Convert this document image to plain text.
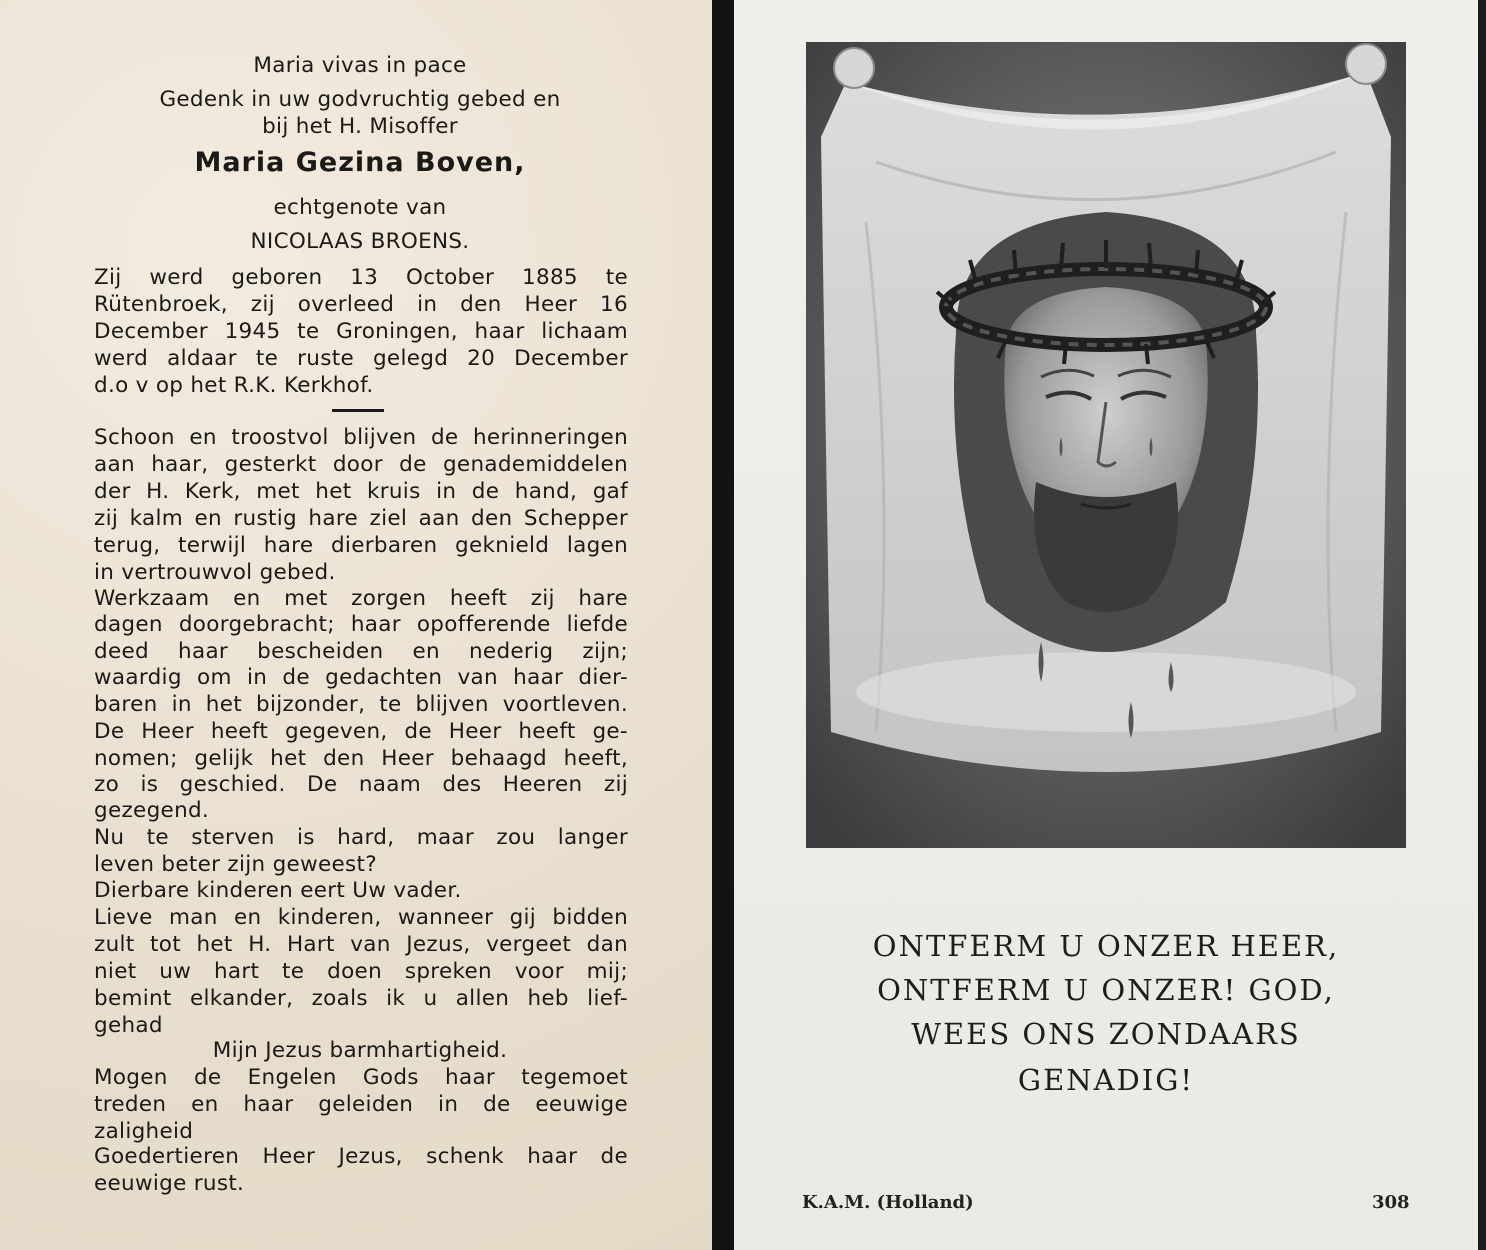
Maria vivas in pace
Gedenk in uw godvruchtig gebed en
bij het H. Misoffer
Maria Gezina Boven,
echtgenote van
NICOLAAS BROENS.
Zij werd geboren 13 October 1885 te
Rütenbroek, zij overleed in den Heer 16
December 1945 te Groningen, haar lichaam
werd aldaar te ruste gelegd 20 December
d.o v op het R.K. Kerkhof.
Schoon en troostvol blijven de herinneringen
aan haar, gesterkt door de genademiddelen
der H. Kerk, met het kruis in de hand, gaf
zij kalm en rustig hare ziel aan den Schepper
terug, terwijl hare dierbaren geknield lagen
in vertrouwvol gebed.
Werkzaam en met zorgen heeft zij hare
dagen doorgebracht; haar opofferende liefde
deed haar bescheiden en nederig zijn;
waardig om in de gedachten van haar dier-
baren in het bijzonder, te blijven voortleven.
De Heer heeft gegeven, de Heer heeft ge-
nomen; gelijk het den Heer behaagd heeft,
zo is geschied. De naam des Heeren zij
gezegend.
Nu te sterven is hard, maar zou langer
leven beter zijn geweest?
Dierbare kinderen eert Uw vader.
Lieve man en kinderen, wanneer gij bidden
zult tot het H. Hart van Jezus, vergeet dan
niet uw hart te doen spreken voor mij;
bemint elkander, zoals ik u allen heb lief-
gehad
Mijn Jezus barmhartigheid.
Mogen de Engelen Gods haar tegemoet
treden en haar geleiden in de eeuwige
zaligheid
Goedertieren Heer Jezus, schenk haar de
eeuwige rust.
ONTFERM U ONZER HEER,
ONTFERM U ONZER! GOD,
WEES ONS ZONDAARS
GENADIG!
K.A.M. (Holland)	308
